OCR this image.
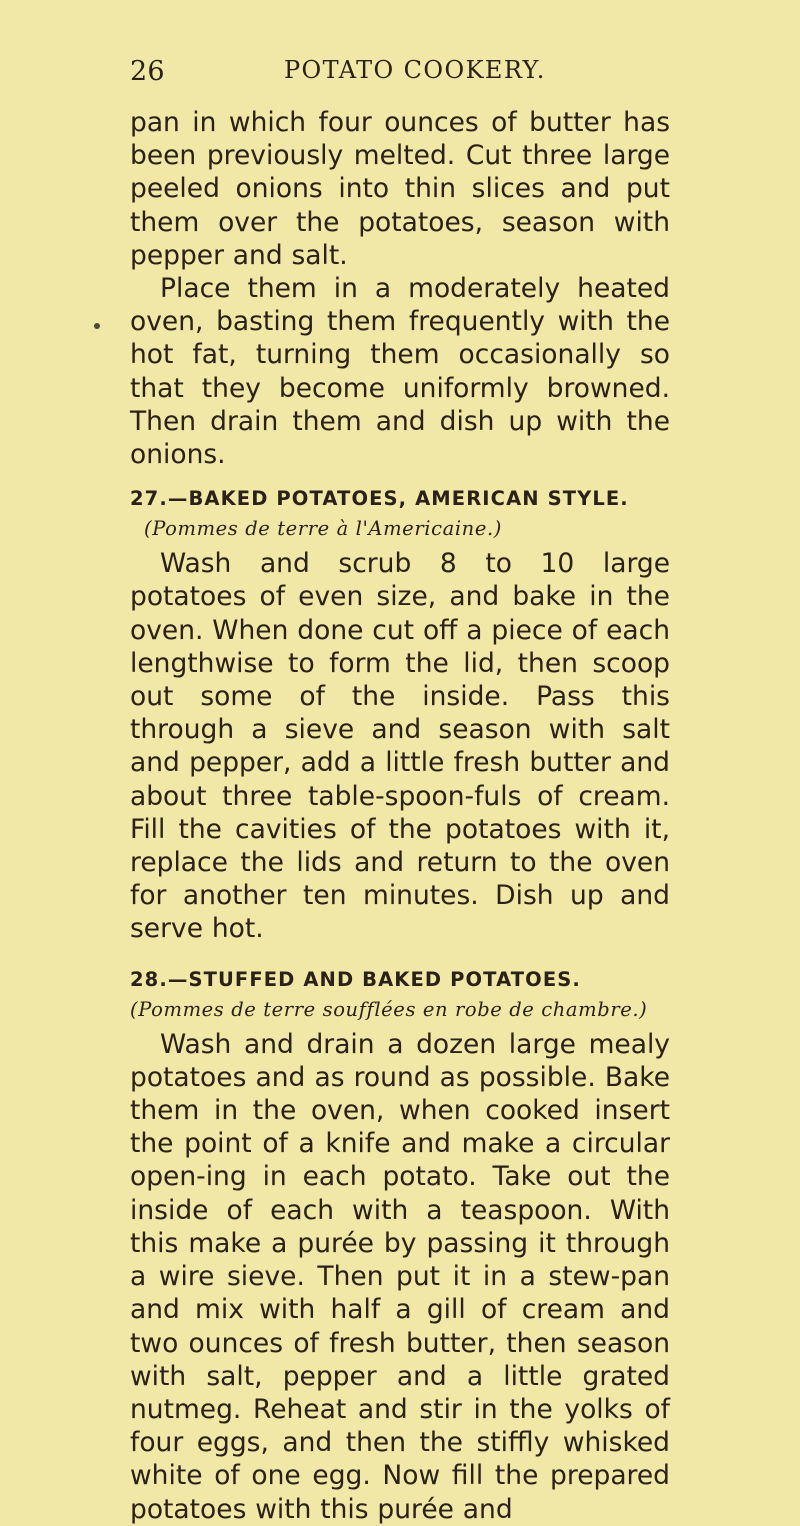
26	POTATO COOKERY.

pan in which four ounces of butter has been previously melted. Cut three large peeled onions into thin slices and put them over the potatoes, season with pepper and salt.

Place them in a moderately heated oven, basting them frequently with the hot fat, turning them occasionally so that they become uniformly browned. Then drain them and dish up with the onions.

27.—BAKED POTATOES, AMERICAN STYLE.
(Pommes de terre à l'Americaine.)

Wash and scrub 8 to 10 large potatoes of even size, and bake in the oven. When done cut off a piece of each lengthwise to form the lid, then scoop out some of the inside. Pass this through a sieve and season with salt and pepper, add a little fresh butter and about three table-spoon-fuls of cream. Fill the cavities of the potatoes with it, replace the lids and return to the oven for another ten minutes. Dish up and serve hot.

28.—STUFFED AND BAKED POTATOES.
(Pommes de terre soufflées en robe de chambre.)

Wash and drain a dozen large mealy potatoes and as round as possible. Bake them in the oven, when cooked insert the point of a knife and make a circular open-ing in each potato. Take out the inside of each with a teaspoon. With this make a purée by passing it through a wire sieve. Then put it in a stew-pan and mix with half a gill of cream and two ounces of fresh butter, then season with salt, pepper and a little grated nutmeg. Reheat and stir in the yolks of four eggs, and then the stiffly whisked white of one egg. Now fill the prepared potatoes with this purée and
